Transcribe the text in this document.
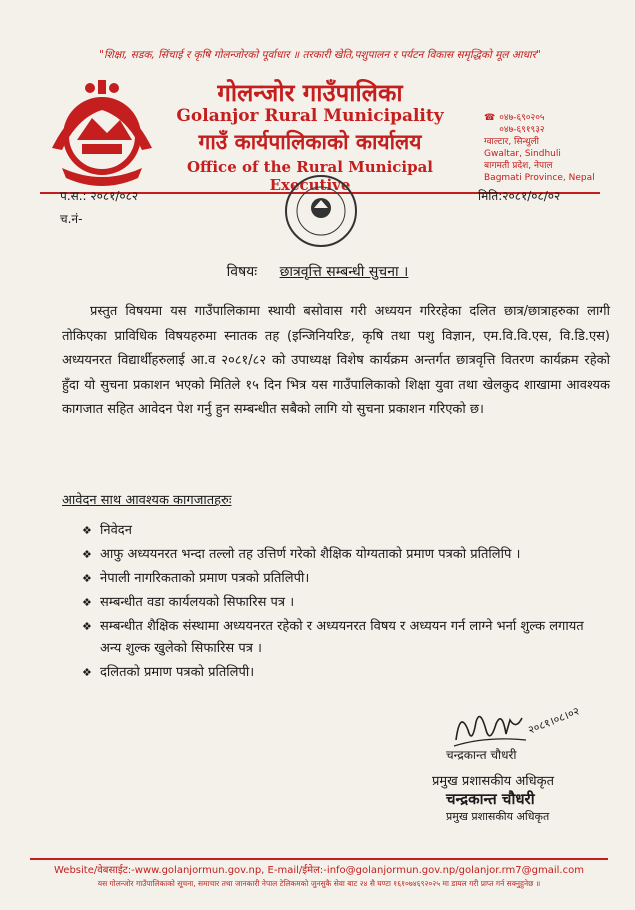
"शिक्षा, सडक, सिंचाई र कृषि गोलन्जोरको पूर्वाधार ॥ तरकारी खेति,पशुपालन र पर्यटन विकास समृद्धिको मूल आधार"
गोलन्जोर गाउँपालिका
Golanjor Rural Municipality
गाउँ कार्यपालिकाको कार्यालय
Office of the Rural Municipal Executive
☎ ०४७-६९०२०५
०४७-६९१९३२
ग्वाल्टार, सिन्धुली
Gwaltar, Sindhuli
बागमती प्रदेश, नेपाल
Bagmati Province, Nepal
प.स.: २०८१/०८२	मिति:२०८१/०८/०२
च.नं-
विषयः छात्रवृत्ति सम्बन्धी सुचना ।
प्रस्तुत विषयमा यस गाउँपालिकामा स्थायी बसोवास गरी अध्ययन गरिरहेका दलित छात्र/छात्राहरुका लागी तोकिएका प्राविधिक विषयहरुमा स्नातक तह (इन्जिनियरिङ, कृषि तथा पशु विज्ञान, एम.वि.वि.एस, वि.डि.एस) अध्ययनरत विद्यार्थीहरुलाई आ.व २०८१/८२ को उपाध्यक्ष विशेष कार्यक्रम अन्तर्गत छात्रवृत्ति वितरण कार्यक्रम रहेको हुँदा यो सुचना प्रकाशन भएको मितिले १५ दिन भित्र यस गाउँपालिकाको शिक्षा युवा तथा खेलकुद शाखामा आवश्यक कागजात सहित आवेदन पेश गर्नु हुन सम्बन्धीत सबैको लागि यो सुचना प्रकाशन गरिएको छ।
आवेदन साथ आवश्यक कागजातहरुः
❖ निवेदन
❖ आफु अध्ययनरत भन्दा तल्लो तह उत्तिर्ण गरेको शैक्षिक योग्यताको प्रमाण पत्रको प्रतिलिपि ।
❖ नेपाली नागरिकताको प्रमाण पत्रको प्रतिलिपी।
❖ सम्बन्धीत वडा कार्यलयको सिफारिस पत्र ।
❖ सम्बन्धीत शैक्षिक संस्थामा अध्ययनरत रहेको र अध्ययनरत विषय र अध्ययन गर्न लाग्ने भर्ना शुल्क लगायत अन्य शुल्क खुलेको सिफारिस पत्र ।
❖ दलितको प्रमाण पत्रको प्रतिलिपी।
२०८१।०८।०२
चन्द्रकान्त चौधरी
प्रमुख प्रशासकीय अधिकृत
चन्द्रकान्त चौधरी
प्रमुख प्रशासकीय अधिकृत
Website/वेबसाईट:-www.golanjormun.gov.np, E-mail/ईमेल:-info@golanjormun.gov.np/golanjor.rm7@gmail.com
यस गोलन्जोर गाउँपालिकाको सूचना, समाचार तथा जानकारी नेपाल टेलिकमको जुनसुकै सेवा बाट २४ सै घण्टा १६१०७४६९२०२५ मा डायल गरी प्राप्त गर्न सक्नुहुनेछ ॥
